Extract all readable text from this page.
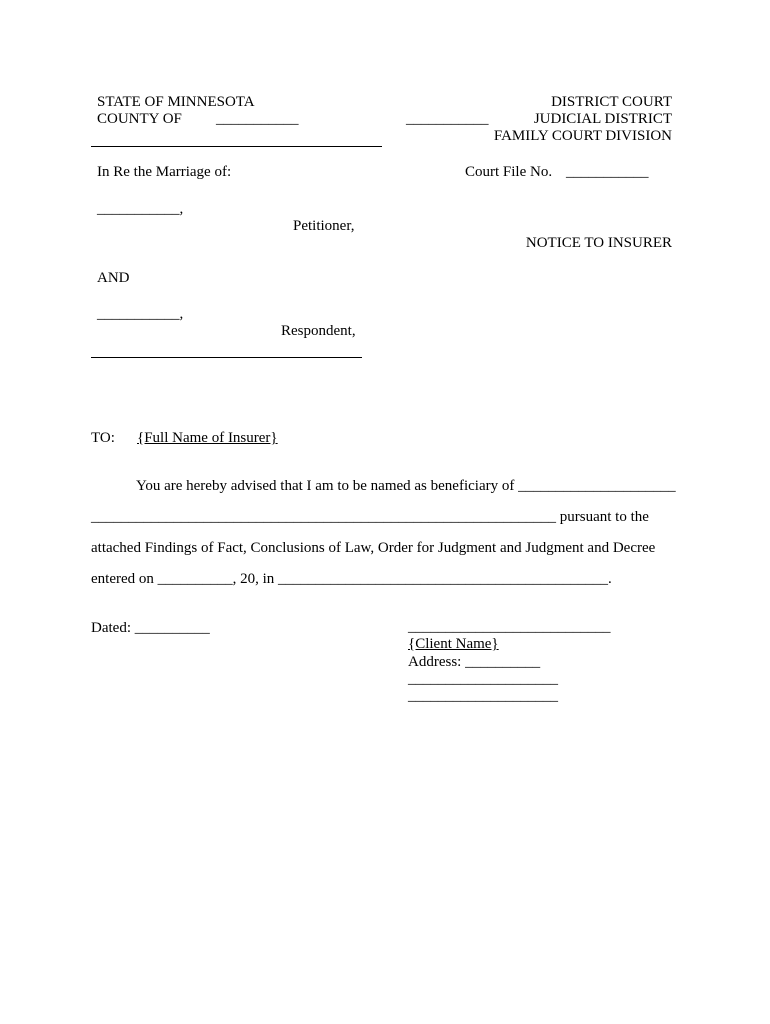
STATE OF MINNESOTA
COUNTY OF ___________
DISTRICT COURT
___________	JUDICIAL DISTRICT
FAMILY COURT DIVISION
In Re the Marriage of:	Court File No. ___________
___________,
Petitioner,
NOTICE TO INSURER
AND
___________,
Respondent,
TO: {Full Name of Insurer}
You are hereby advised that I am to be named as beneficiary of _____________________
______________________________________________________________ pursuant to the
attached Findings of Fact, Conclusions of Law, Order for Judgment and Judgment and Decree
entered on __________, 20, in ____________________________________________.
Dated: __________	___________________________
{Client Name}
Address: __________
____________________
____________________
